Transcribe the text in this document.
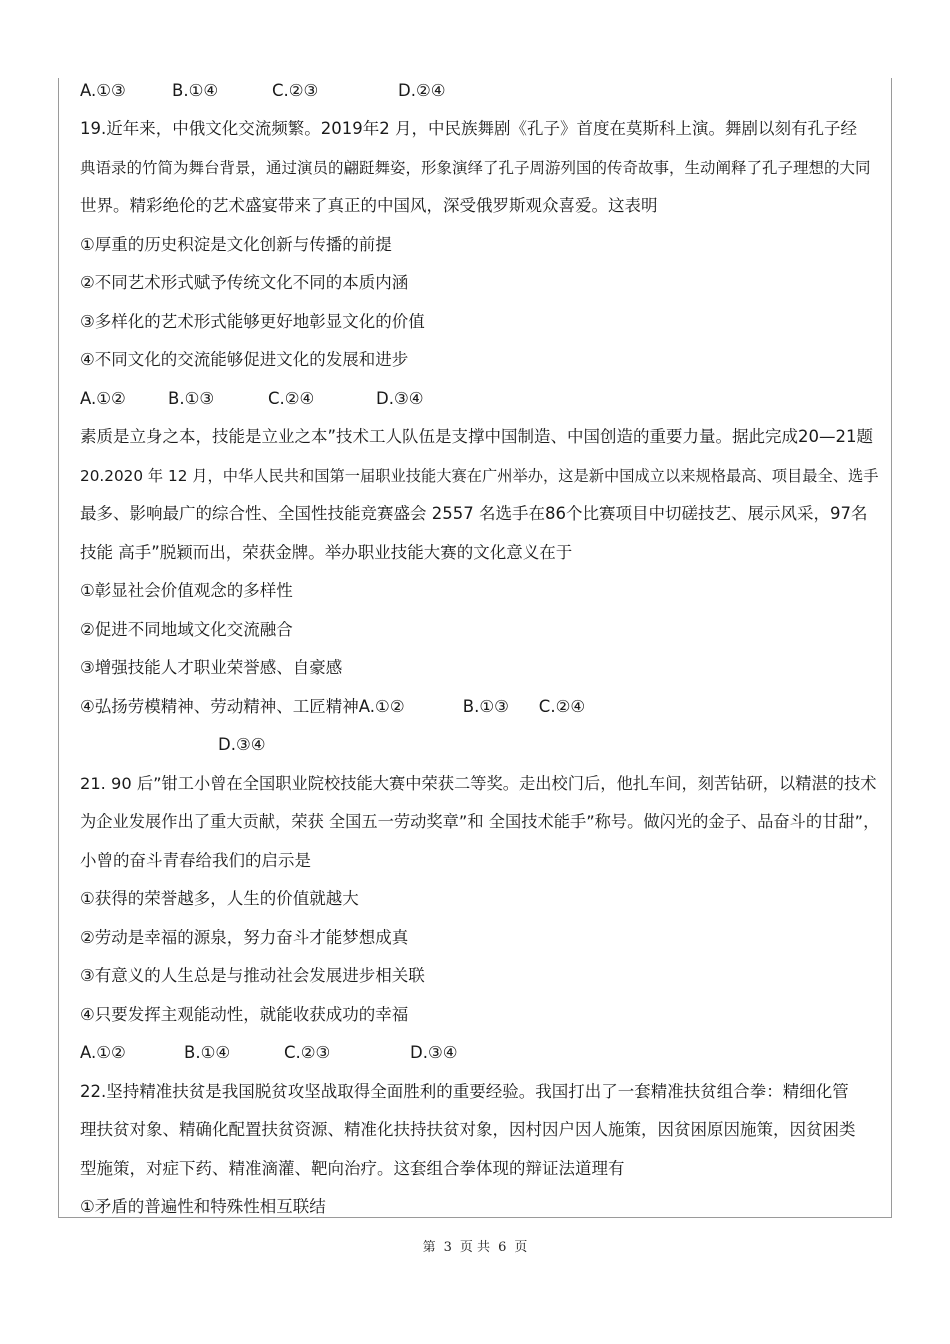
A.①③	B.①④	C.②③	D.②④
19.近年来，中俄文化交流频繁。2019年2 月，中民族舞剧《孔子》首度在莫斯科上演。舞剧以刻有孔子经
典语录的竹简为舞台背景，通过演员的翩跹舞姿，形象演绎了孔子周游列国的传奇故事，生动阐释了孔子理想的大同
世界。精彩绝伦的艺术盛宴带来了真正的中国风，深受俄罗斯观众喜爱。这表明
①厚重的历史积淀是文化创新与传播的前提
②不同艺术形式赋予传统文化不同的本质内涵
③多样化的艺术形式能够更好地彰显文化的价值
④不同文化的交流能够促进文化的发展和进步
A.①②	B.①③	C.②④	D.③④
素质是立身之本，技能是立业之本”技术工人队伍是支撑中国制造、中国创造的重要力量。据此完成20—21题
20.2020 年 12 月，中华人民共和国第一届职业技能大赛在广州举办，这是新中国成立以来规格最高、项目最全、选手
最多、影响最广的综合性、全国性技能竞赛盛会 2557 名选手在86个比赛项目中切磋技艺、展示风采，97名
技能 高手”脱颖而出，荣获金牌。举办职业技能大赛的文化意义在于
①彰显社会价值观念的多样性
②促进不同地域文化交流融合
③增强技能人才职业荣誉感、自豪感
④弘扬劳模精神、劳动精神、工匠精神A.①②	B.①③ C.②④
D.③④
21. 90 后”钳工小曾在全国职业院校技能大赛中荣获二等奖。走出校门后，他扎车间，刻苦钻研，以精湛的技术
为企业发展作出了重大贡献，荣获 全国五一劳动奖章”和 全国技术能手”称号。做闪光的金子、品奋斗的甘甜”，
小曾的奋斗青春给我们的启示是
①获得的荣誉越多，人生的价值就越大
②劳动是幸福的源泉，努力奋斗才能梦想成真
③有意义的人生总是与推动社会发展进步相关联
④只要发挥主观能动性，就能收获成功的幸福
A.①②	B.①④	C.②③	D.③④
22.坚持精准扶贫是我国脱贫攻坚战取得全面胜利的重要经验。我国打出了一套精准扶贫组合拳：精细化管
理扶贫对象、精确化配置扶贫资源、精准化扶持扶贫对象，因村因户因人施策，因贫困原因施策，因贫困类
型施策，对症下药、精准滴灌、靶向治疗。这套组合拳体现的辩证法道理有
①矛盾的普遍性和特殊性相互联结
第 3 页 共 6 页
